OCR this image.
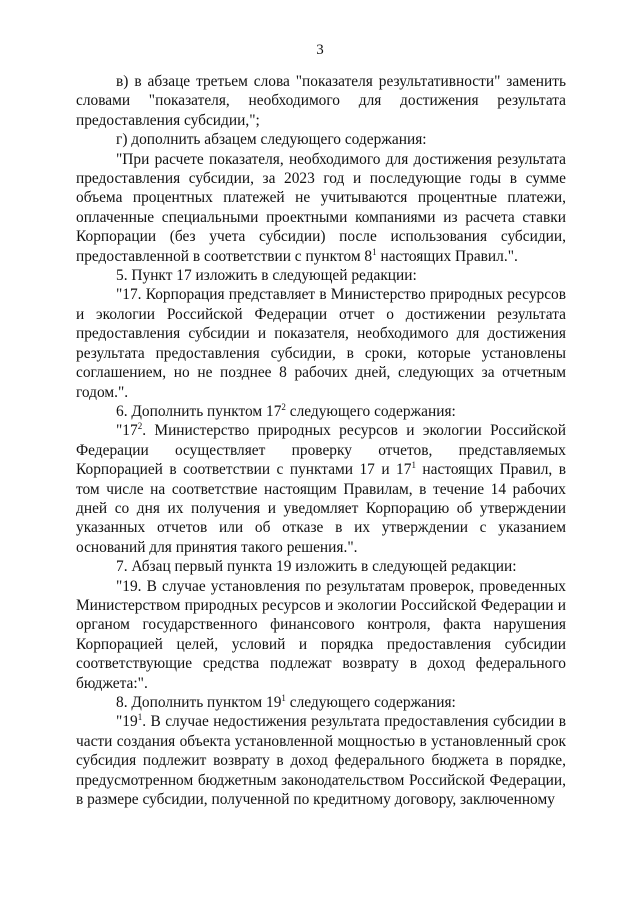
3

в) в абзаце третьем слова "показателя результативности" заменить словами "показателя, необходимого для достижения результата предоставления субсидии,";

г) дополнить абзацем следующего содержания:

"При расчете показателя, необходимого для достижения результата предоставления субсидии, за 2023 год и последующие годы в сумме объема процентных платежей не учитываются процентные платежи, оплаченные специальными проектными компаниями из расчета ставки Корпорации (без учета субсидии) после использования субсидии, предоставленной в соответствии с пунктом $8^1$ настоящих Правил.".

5. Пункт 17 изложить в следующей редакции:

"17. Корпорация представляет в Министерство природных ресурсов и экологии Российской Федерации отчет о достижении результата предоставления субсидии и показателя, необходимого для достижения результата предоставления субсидии, в сроки, которые установлены соглашением, но не позднее 8 рабочих дней, следующих за отчетным годом.".

6. Дополнить пунктом $17^2$ следующего содержания:

"$17^2$. Министерство природных ресурсов и экологии Российской Федерации осуществляет проверку отчетов, представляемых Корпорацией в соответствии с пунктами 17 и $17^1$ настоящих Правил, в том числе на соответствие настоящим Правилам, в течение 14 рабочих дней со дня их получения и уведомляет Корпорацию об утверждении указанных отчетов или об отказе в их утверждении с указанием оснований для принятия такого решения.".

7. Абзац первый пункта 19 изложить в следующей редакции:

"19. В случае установления по результатам проверок, проведенных Министерством природных ресурсов и экологии Российской Федерации и органом государственного финансового контроля, факта нарушения Корпорацией целей, условий и порядка предоставления субсидии соответствующие средства подлежат возврату в доход федерального бюджета:".

8. Дополнить пунктом $19^1$ следующего содержания:

"$19^1$. В случае недостижения результата предоставления субсидии в части создания объекта установленной мощностью в установленный срок субсидия подлежит возврату в доход федерального бюджета в порядке, предусмотренном бюджетным законодательством Российской Федерации, в размере субсидии, полученной по кредитному договору, заключенному
